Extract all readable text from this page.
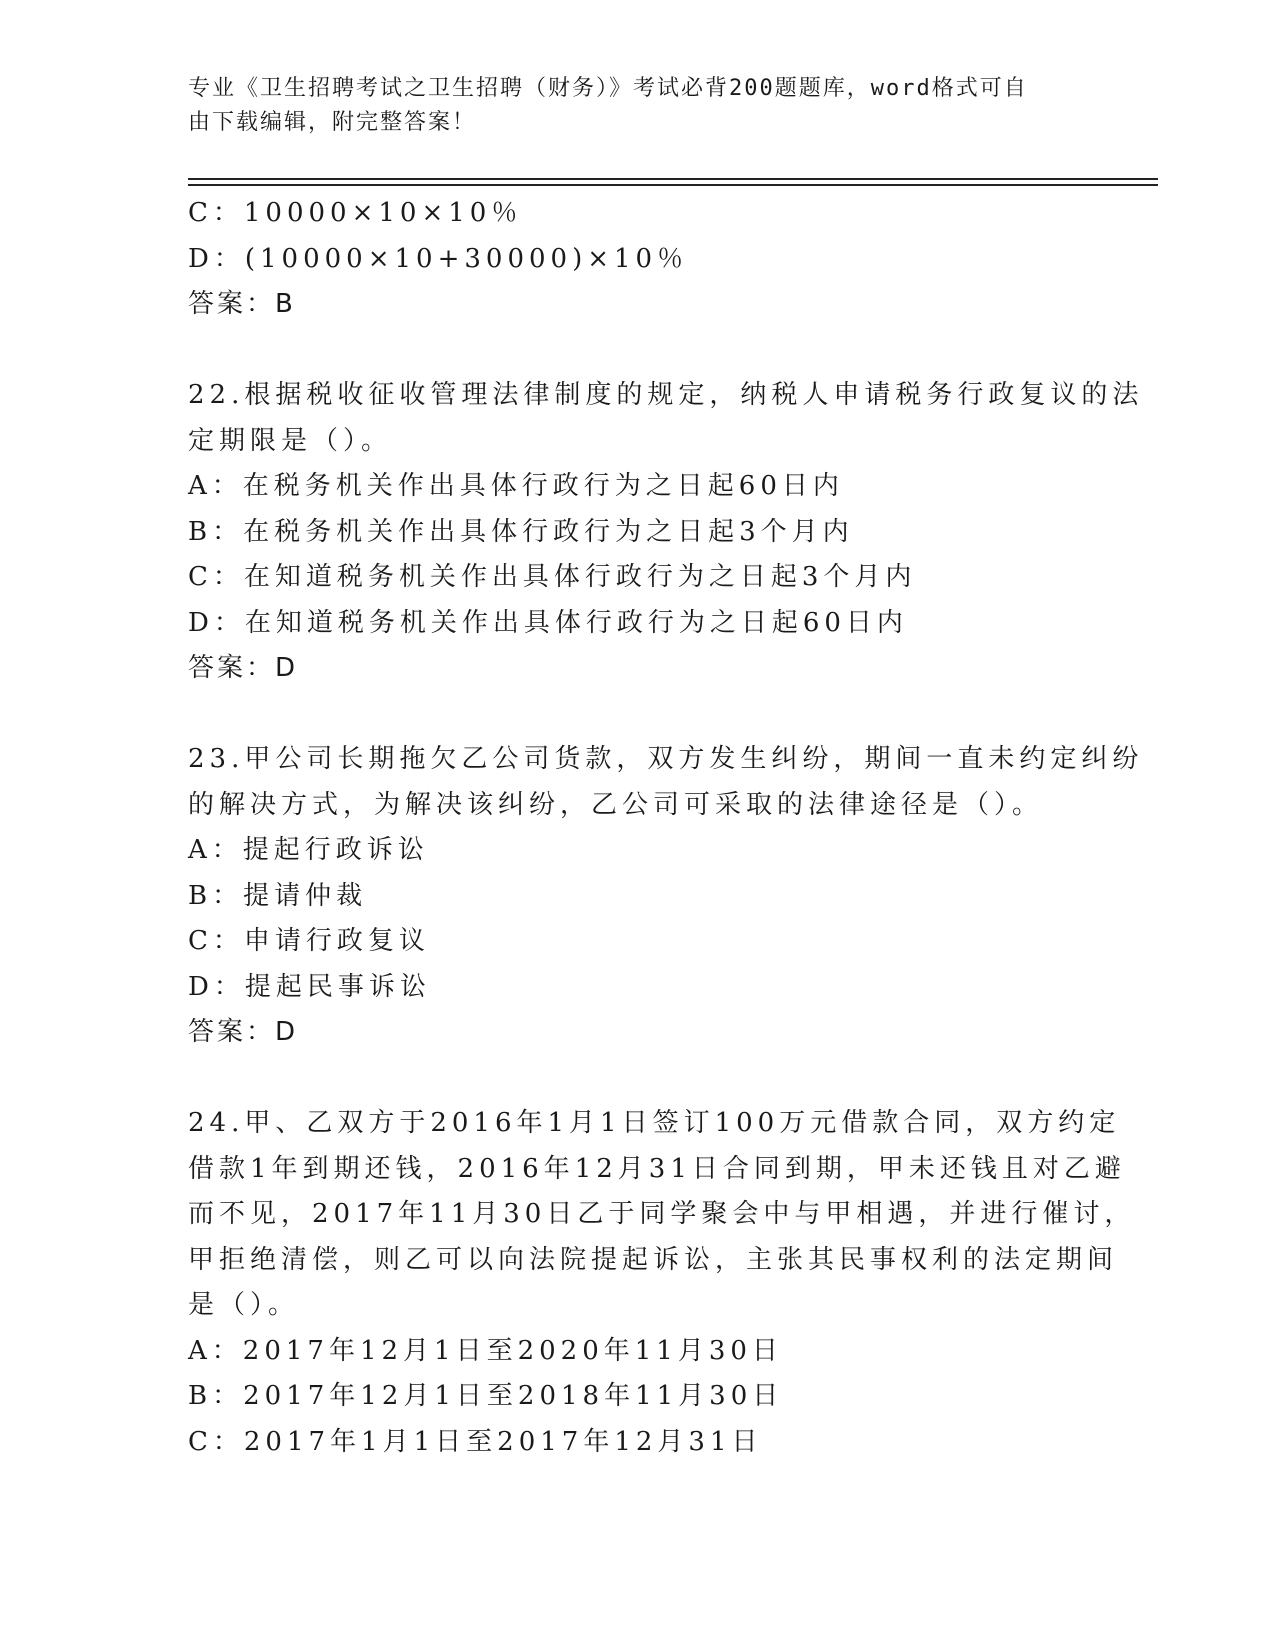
专业《卫生招聘考试之卫生招聘（财务）》考试必背200题题库，word格式可自
由下载编辑，附完整答案！
C：10000×10×10％
D：(10000×10+30000)×10％
答案：B
22.根据税收征收管理法律制度的规定，纳税人申请税务行政复议的法
定期限是（）。
A：在税务机关作出具体行政行为之日起60日内
B：在税务机关作出具体行政行为之日起3个月内
C：在知道税务机关作出具体行政行为之日起3个月内
D：在知道税务机关作出具体行政行为之日起60日内
答案：D
23.甲公司长期拖欠乙公司货款，双方发生纠纷，期间一直未约定纠纷
的解决方式，为解决该纠纷，乙公司可采取的法律途径是（）。
A：提起行政诉讼
B：提请仲裁
C：申请行政复议
D：提起民事诉讼
答案：D
24.甲、乙双方于2016年1月1日签订100万元借款合同，双方约定
借款1年到期还钱，2016年12月31日合同到期，甲未还钱且对乙避
而不见，2017年11月30日乙于同学聚会中与甲相遇，并进行催讨，
甲拒绝清偿，则乙可以向法院提起诉讼，主张其民事权利的法定期间
是（）。
A：2017年12月1日至2020年11月30日
B：2017年12月1日至2018年11月30日
C：2017年1月1日至2017年12月31日
